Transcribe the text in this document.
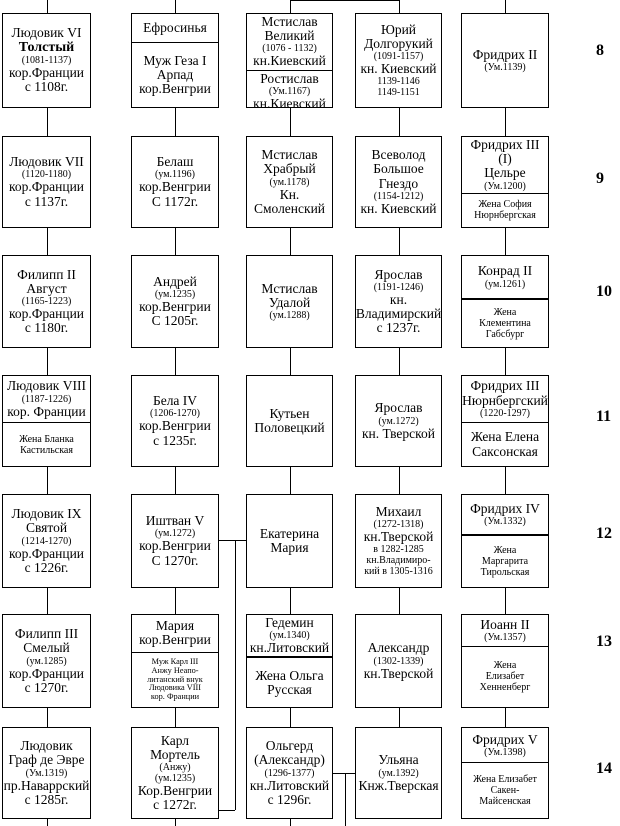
Людовик VI
Толстый
(1081-1137)
кор.Франции
с 1108г.
Ефросинья
Муж Геза I
Арпад
кор.Венгрии
Мстислав
Великий
(1076 - 1132)
кн.Киевский
Ростислав
(Ум.1167)
кн.Киевский
Юрий
Долгорукий
(1091-1157)
кн. Киевский
1139-1146
1149-1151
Фридрих II
(Ум.1139)
Людовик VII
(1120-1180)
кор.Франции
с 1137г.
Белаш
(ум.1196)
кор.Венгрии
С 1172г.
Мстислав
Храбрый
(ум.1178)
Кн.
Смоленский
Всеволод
Большое
Гнездо
(1154-1212)
кн. Киевский
Фридрих III (I)
Цельре
(Ум.1200)
Жена София
Нюрнбергская
Филипп II
Август
(1165-1223)
кор.Франции
с 1180г.
Андрей
(ум.1235)
кор.Венгрии
С 1205г.
Мстислав
Удалой
(ум.1288)
Ярослав
(1191-1246)
кн.
Владимирский
с 1237г.
Конрад II
(ум.1261)
Жена
Клементина
Габсбург
Людовик VIII
(1187-1226)
кор. Франции
Жена Бланка
Кастильская
Бела IV
(1206-1270)
кор.Венгрии
с 1235г.
Кутьен
Половецкий
Ярослав
(ум.1272)
кн. Тверской
Фридрих III
Нюрнбергский
(1220-1297)
Жена Елена
Саксонская
Людовик IX
Святой
(1214-1270)
кор.Франции
с 1226г.
Иштван V
(ум.1272)
кор.Венгрии
С 1270г.
Екатерина
Мария
Михаил
(1272-1318)
кн.Тверской
в 1282-1285
кн.Владимиро-
кий в 1305-1316
Фридрих IV
(Ум.1332)
Жена
Маргарита
Тирольская
Филипп III
Смелый
(ум.1285)
кор.Франции
с 1270г.
Мария
кор.Венгрии
Муж Карл III
Анжу Неапо-
литанский внук
Людовика VIII
кор. Франции
Гедемин
(ум.1340)
кн.Литовский
Жена Ольга
Русская
Александр
(1302-1339)
кн.Тверской
Иоанн II
(Ум.1357)
Жена
Елизабет
Хенненберг
Людовик
Граф де Эвре
(Ум.1319)
пр.Наваррский
с 1285г.
Карл
Мортель
(Анжу)
(ум.1235)
Кор.Венгрии
с 1272г.
Ольгерд
(Александр)
(1296-1377)
кн.Литовский
с 1296г.
Ульяна
(ум.1392)
Кнж.Тверская
Фридрих V
(Ум.1398)
Жена Елизабет
Сакен-
Майсенская
8
9
10
11
12
13
14
